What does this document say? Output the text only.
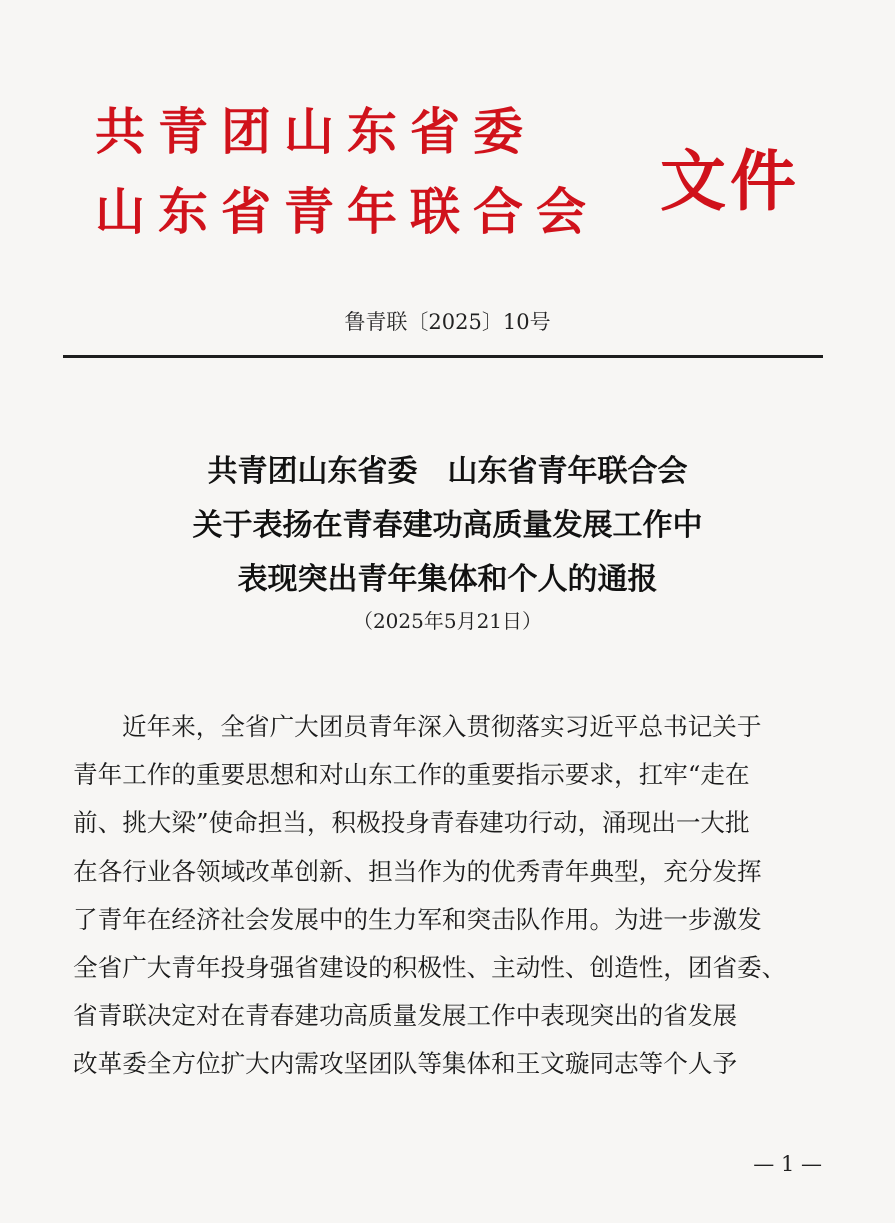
共青团山东省委
山东省青年联合会 文件
鲁青联〔2025〕10号
共青团山东省委　山东省青年联合会
关于表扬在青春建功高质量发展工作中
表现突出青年集体和个人的通报
（2025年5月21日）
近年来，全省广大团员青年深入贯彻落实习近平总书记关于
青年工作的重要思想和对山东工作的重要指示要求，扛牢“走在
前、挑大梁”使命担当，积极投身青春建功行动，涌现出一大批
在各行业各领域改革创新、担当作为的优秀青年典型，充分发挥
了青年在经济社会发展中的生力军和突击队作用。为进一步激发
全省广大青年投身强省建设的积极性、主动性、创造性，团省委、
省青联决定对在青春建功高质量发展工作中表现突出的省发展
改革委全方位扩大内需攻坚团队等集体和王文璇同志等个人予
— 1 —
